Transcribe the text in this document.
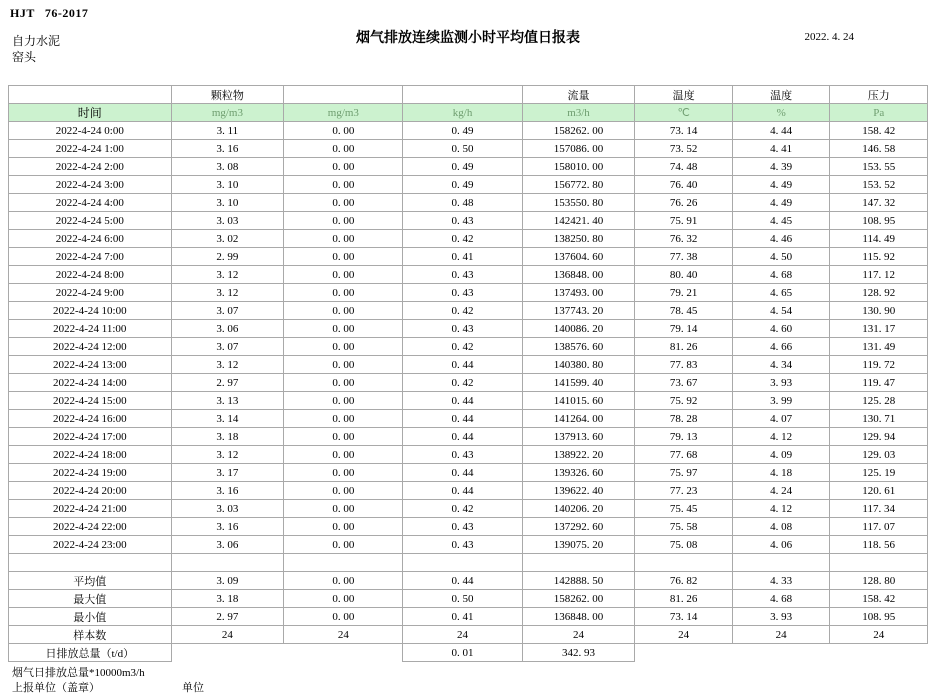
HJT 76-2017
烟气排放连续监测小时平均值日报表
自力水泥
窑头
2022. 4. 24
	颗粒物			流量	温度	温度	压力
时间	mg/m3	mg/m3	kg/h	m3/h	℃	%	Pa
2022-4-24 0:00	3. 11	0. 00	0. 49	158262. 00	73. 14	4. 44	158. 42
2022-4-24 1:00	3. 16	0. 00	0. 50	157086. 00	73. 52	4. 41	146. 58
2022-4-24 2:00	3. 08	0. 00	0. 49	158010. 00	74. 48	4. 39	153. 55
2022-4-24 3:00	3. 10	0. 00	0. 49	156772. 80	76. 40	4. 49	153. 52
2022-4-24 4:00	3. 10	0. 00	0. 48	153550. 80	76. 26	4. 49	147. 32
2022-4-24 5:00	3. 03	0. 00	0. 43	142421. 40	75. 91	4. 45	108. 95
2022-4-24 6:00	3. 02	0. 00	0. 42	138250. 80	76. 32	4. 46	114. 49
2022-4-24 7:00	2. 99	0. 00	0. 41	137604. 60	77. 38	4. 50	115. 92
2022-4-24 8:00	3. 12	0. 00	0. 43	136848. 00	80. 40	4. 68	117. 12
2022-4-24 9:00	3. 12	0. 00	0. 43	137493. 00	79. 21	4. 65	128. 92
2022-4-24 10:00	3. 07	0. 00	0. 42	137743. 20	78. 45	4. 54	130. 90
2022-4-24 11:00	3. 06	0. 00	0. 43	140086. 20	79. 14	4. 60	131. 17
2022-4-24 12:00	3. 07	0. 00	0. 42	138576. 60	81. 26	4. 66	131. 49
2022-4-24 13:00	3. 12	0. 00	0. 44	140380. 80	77. 83	4. 34	119. 72
2022-4-24 14:00	2. 97	0. 00	0. 42	141599. 40	73. 67	3. 93	119. 47
2022-4-24 15:00	3. 13	0. 00	0. 44	141015. 60	75. 92	3. 99	125. 28
2022-4-24 16:00	3. 14	0. 00	0. 44	141264. 00	78. 28	4. 07	130. 71
2022-4-24 17:00	3. 18	0. 00	0. 44	137913. 60	79. 13	4. 12	129. 94
2022-4-24 18:00	3. 12	0. 00	0. 43	138922. 20	77. 68	4. 09	129. 03
2022-4-24 19:00	3. 17	0. 00	0. 44	139326. 60	75. 97	4. 18	125. 19
2022-4-24 20:00	3. 16	0. 00	0. 44	139622. 40	77. 23	4. 24	120. 61
2022-4-24 21:00	3. 03	0. 00	0. 42	140206. 20	75. 45	4. 12	117. 34
2022-4-24 22:00	3. 16	0. 00	0. 43	137292. 60	75. 58	4. 08	117. 07
2022-4-24 23:00	3. 06	0. 00	0. 43	139075. 20	75. 08	4. 06	118. 56

平均值	3. 09	0. 00	0. 44	142888. 50	76. 82	4. 33	128. 80
最大值	3. 18	0. 00	0. 50	158262. 00	81. 26	4. 68	158. 42
最小值	2. 97	0. 00	0. 41	136848. 00	73. 14	3. 93	108. 95
样本数	24	24	24	24	24	24	24
日排放总量（t/d）			0. 01	342. 93			
烟气日排放总量*10000m3/h
上报单位（盖章）	单位
